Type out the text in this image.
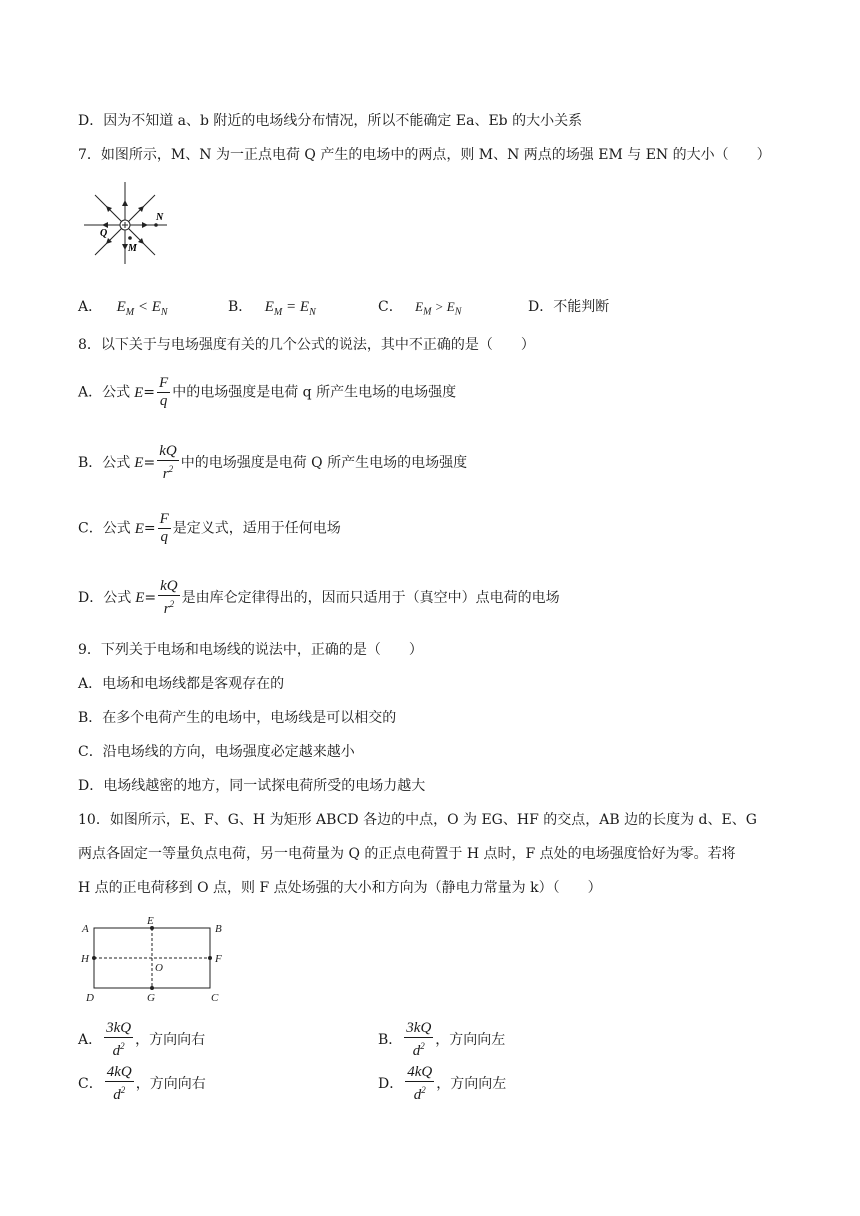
D．因为不知道 a、b 附近的电场线分布情况，所以不能确定 Ea、Eb 的大小关系
7．如图所示，M、N 为一正点电荷 Q 产生的电场中的两点，则 M、N 两点的场强 EM 与 EN 的大小（　　）
N
Q
M
A． $E_M < E_N$	B． $E_M = E_N$	C． $E_M > E_N$	D．不能判断
8．以下关于与电场强度有关的几个公式的说法，其中不正确的是（　　）
A．公式 $E= \frac{F}{q}$ 中的电场强度是电荷 q 所产生电场的电场强度
B．公式 $E= \frac{kQ}{r^2}$ 中的电场强度是电荷 Q 所产生电场的电场强度
C．公式 $E= \frac{F}{q}$ 是定义式，适用于任何电场
D．公式 $E= \frac{kQ}{r^2}$ 是由库仑定律得出的，因而只适用于（真空中）点电荷的电场
9．下列关于电场和电场线的说法中，正确的是（　　）
A．电场和电场线都是客观存在的
B．在多个电荷产生的电场中，电场线是可以相交的
C．沿电场线的方向，电场强度必定越来越小
D．电场线越密的地方，同一试探电荷所受的电场力越大
10．如图所示，E、F、G、H 为矩形 ABCD 各边的中点，O 为 EG、HF 的交点，AB 边的长度为 d、E、G
两点各固定一等量负点电荷，另一电荷量为 Q 的正点电荷置于 H 点时，F 点处的电场强度恰好为零。若将
H 点的正电荷移到 O 点，则 F 点处场强的大小和方向为（静电力常量为 k）（　　）
A
E
B
H
O
F
D	G	C
A． $\frac{3kQ}{d^2}$ ，方向向右	B． $\frac{3kQ}{d^2}$ ，方向向左
C． $\frac{4kQ}{d^2}$ ，方向向右	D． $\frac{4kQ}{d^2}$ ，方向向左
